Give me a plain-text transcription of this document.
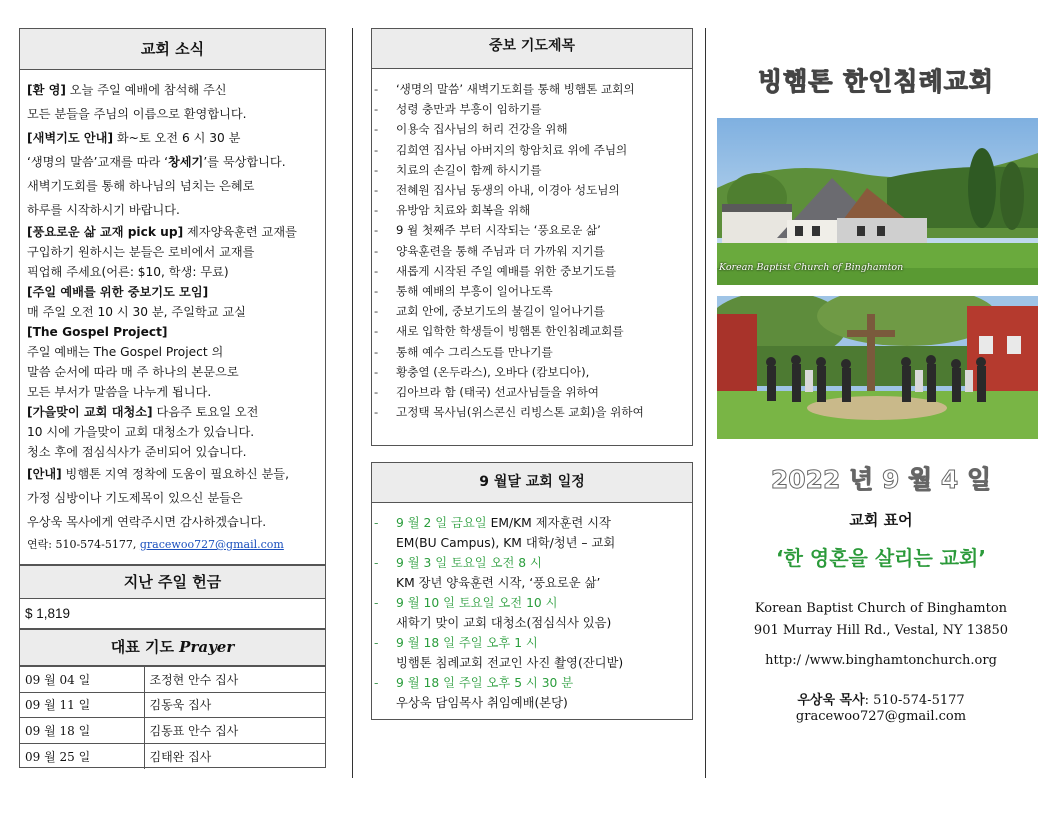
교회 소식
[환 영] 오늘 주일 예배에 참석해 주신
모든 분들을 주님의 이름으로 환영합니다.
[새벽기도 안내] 화~토 오전 6 시 30 분
‘생명의 말씀’교재를 따라 ‘창세기’를 묵상합니다.
새벽기도회를 통해 하나님의 넘치는 은혜로
하루를 시작하시기 바랍니다.
[풍요로운 삶 교재 pick up] 제자양육훈련 교재를
구입하기 원하시는 분들은 로비에서 교재를
픽업해 주세요(어른: $10, 학생: 무료)
[주일 예배를 위한 중보기도 모임]
매 주일 오전 10 시 30 분, 주일학교 교실
[The Gospel Project]
주일 예배는 The Gospel Project 의
말씀 순서에 따라 매 주 하나의 본문으로
모든 부서가 말씀을 나누게 됩니다.
[가을맞이 교회 대청소] 다음주 토요일 오전
10 시에 가을맞이 교회 대청소가 있습니다.
청소 후에 점심식사가 준비되어 있습니다.
[안내] 빙햄톤 지역 정착에 도움이 필요하신 분들,
가정 심방이나 기도제목이 있으신 분들은
우상욱 목사에게 연락주시면 감사하겠습니다.
연락: 510-574-5177, gracewoo727@gmail.com
지난 주일 헌금
$ 1,819
대표 기도 Prayer
09 월 04 일	조정현 안수 집사
09 월 11 일	김동욱 집사
09 월 18 일	김동표 안수 집사
09 월 25 일	김태완 집사
중보 기도제목
- ‘생명의 말씀’ 새벽기도회를 통해 빙햄톤 교회의
- 성령 충만과 부흥이 임하기를
- 이용숙 집사님의 허리 건강을 위해
- 김희연 집사님 아버지의 항암치료 위에 주님의
- 치료의 손길이 함께 하시기를
- 전혜원 집사님 동생의 아내, 이경아 성도님의
- 유방암 치료와 회복을 위해
- 9 월 첫째주 부터 시작되는 ‘풍요로운 삶’
- 양육훈련을 통해 주님과 더 가까워 지기를
- 새롭게 시작된 주일 예배를 위한 중보기도를
- 통해 예배의 부흥이 일어나도록
- 교회 안에, 중보기도의 불길이 일어나기를
- 새로 입학한 학생들이 빙햄톤 한인침례교회를
- 통해 예수 그리스도를 만나기를
- 황충열 (온두라스), 오바다 (캄보디아),
- 김아브라 함 (태국) 선교사님들을 위하여
- 고정택 목사님(위스콘신 리빙스톤 교회)을 위하여
9 월달 교회 일정
- 9 월 2 일 금요일 EM/KM 제자훈련 시작
EM(BU Campus), KM 대학/청년 – 교회
- 9 월 3 일 토요일 오전 8 시
KM 장년 양육훈련 시작, ‘풍요로운 삶’
- 9 월 10 일 토요일 오전 10 시
새학기 맞이 교회 대청소(점심식사 있음)
- 9 월 18 일 주일 오후 1 시
빙햄톤 침례교회 전교인 사진 촬영(잔디밭)
- 9 월 18 일 주일 오후 5 시 30 분
우상욱 담임목사 취임예배(본당)
빙햄톤 한인침례교회
Korean Baptist Church of Binghamton
2022 년 9 월 4 일
교회 표어
‘한 영혼을 살리는 교회’
Korean Baptist Church of Binghamton
901 Murray Hill Rd., Vestal, NY 13850
http:/ /www.binghamtonchurch.org
우상욱 목사: 510-574-5177
gracewoo727@gmail.com
